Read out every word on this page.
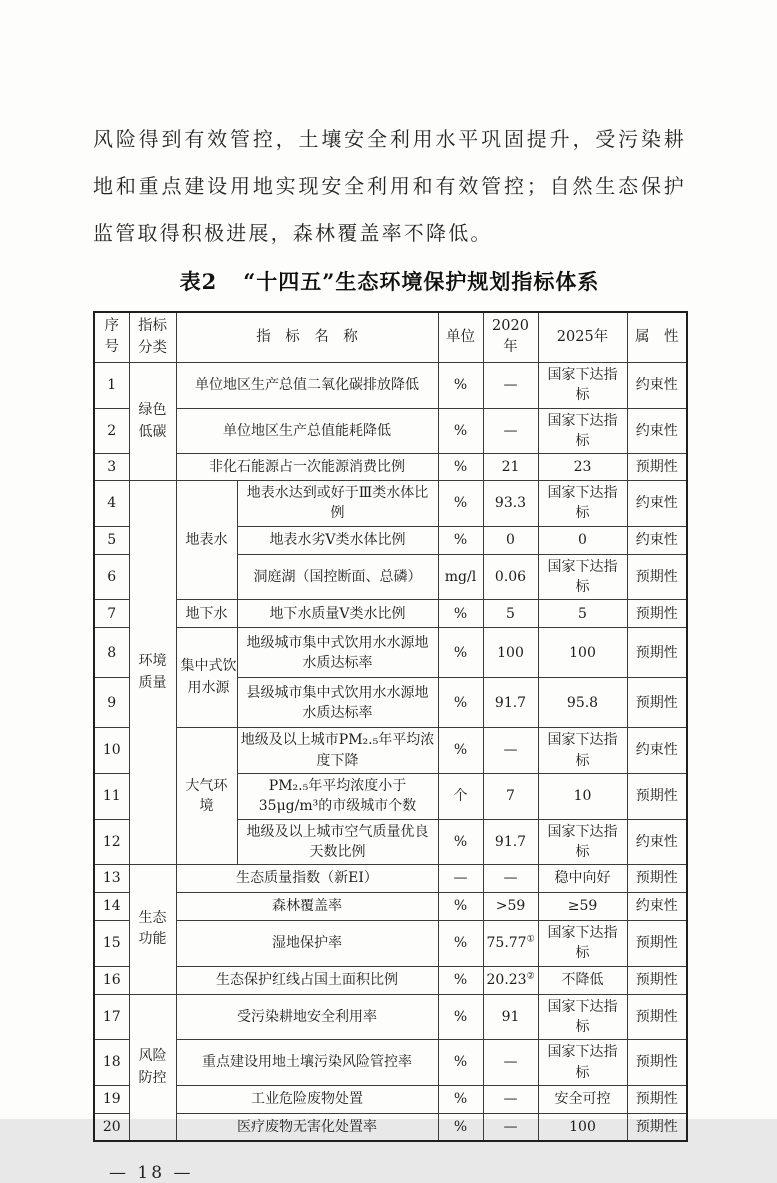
风险得到有效管控，土壤安全利用水平巩固提升，受污染耕地和重点建设用地实现安全利用和有效管控；自然生态保护监管取得积极进展，森林覆盖率不降低。
表2 “十四五”生态环境保护规划指标体系
序号	指标分类	指　标　名　称		单位	2020年	2025年	属　性
1	绿色低碳	单位地区生产总值二氧化碳排放降低		%	—	国家下达指标	约束性
2		单位地区生产总值能耗降低		%	—	国家下达指标	约束性
3		非化石能源占一次能源消费比例		%	21	23	预期性
4	环境质量	地表水	地表水达到或好于Ⅲ类水体比例	%	93.3	国家下达指标	约束性
5			地表水劣Ⅴ类水体比例	%	0	0	约束性
6			洞庭湖（国控断面、总磷）	mg/l	0.06	国家下达指标	预期性
7		地下水	地下水质量Ⅴ类水比例	%	5	5	预期性
8		集中式饮用水源	地级城市集中式饮用水水源地水质达标率	%	100	100	预期性
9			县级城市集中式饮用水水源地水质达标率	%	91.7	95.8	预期性
10		大气环境	地级及以上城市PM₂.₅年平均浓度下降	%	—	国家下达指标	约束性
11			PM₂.₅年平均浓度小于35μg/m³的市级城市个数	个	7	10	预期性
12			地级及以上城市空气质量优良天数比例	%	91.7	国家下达指标	约束性
13	生态功能	生态质量指数（新EI）		—	—	稳中向好	预期性
14		森林覆盖率		%	>59	≥59	约束性
15		湿地保护率		%	75.77①	国家下达指标	预期性
16		生态保护红线占国土面积比例		%	20.23②	不降低	预期性
17	风险防控	受污染耕地安全利用率		%	91	国家下达指标	预期性
18		重点建设用地土壤污染风险管控率		%	—	国家下达指标	预期性
19		工业危险废物处置		%	—	安全可控	预期性
20		医疗废物无害化处置率		%	—	100	预期性
— 18 —
